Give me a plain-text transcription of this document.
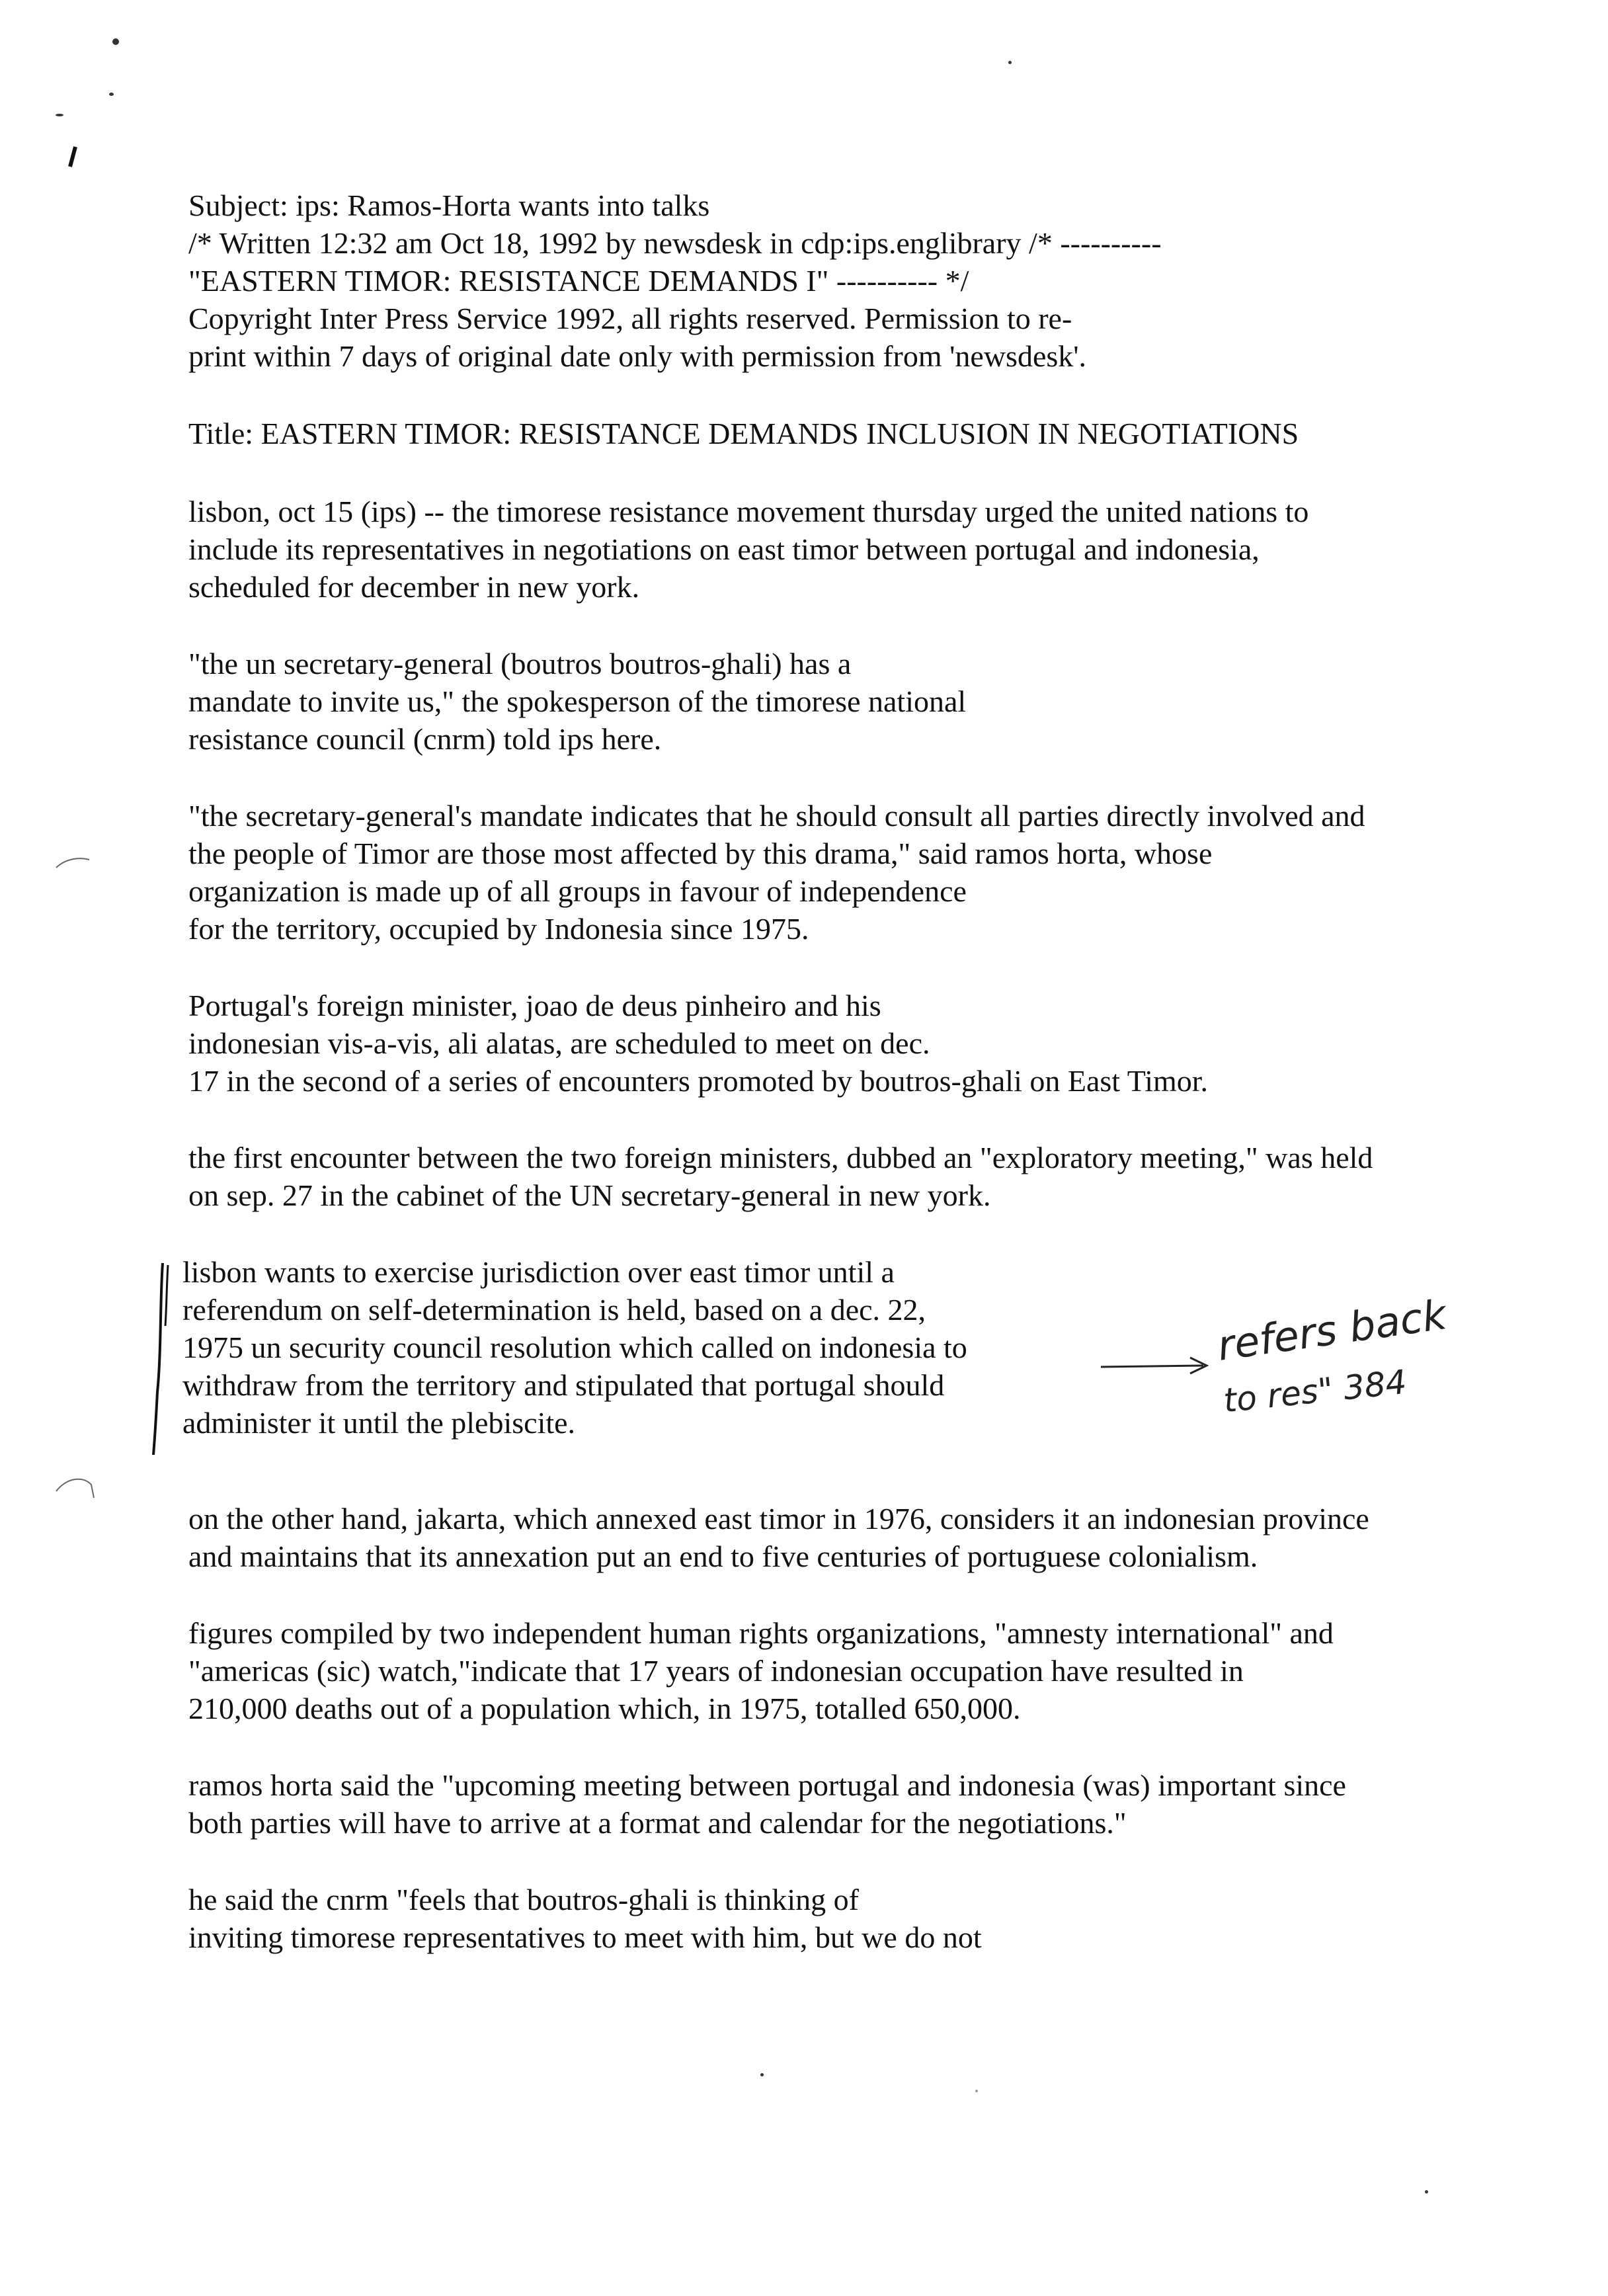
Subject: ips: Ramos-Horta wants into talks
/* Written 12:32 am Oct 18, 1992 by newsdesk in cdp:ips.englibrary /* ----------
"EASTERN TIMOR: RESISTANCE DEMANDS I" ---------- */
Copyright Inter Press Service 1992, all rights reserved. Permission to re-
print within 7 days of original date only with permission from 'newsdesk'.
Title: EASTERN TIMOR: RESISTANCE DEMANDS INCLUSION IN NEGOTIATIONS
lisbon, oct 15 (ips) -- the timorese resistance movement thursday urged the united nations to
include its representatives in negotiations on east timor between portugal and indonesia,
scheduled for december in new york.
"the un secretary-general (boutros boutros-ghali) has a
mandate to invite us," the spokesperson of the timorese national
resistance council (cnrm) told ips here.
"the secretary-general's mandate indicates that he should consult all parties directly involved and
the people of Timor are those most affected by this drama," said ramos horta, whose
organization is made up of all groups in favour of independence
for the territory, occupied by Indonesia since 1975.
Portugal's foreign minister, joao de deus pinheiro and his
indonesian vis-a-vis, ali alatas, are scheduled to meet on dec.
17 in the second of a series of encounters promoted by boutros-ghali on East Timor.
the first encounter between the two foreign ministers, dubbed an "exploratory meeting," was held
on sep. 27 in the cabinet of the UN secretary-general in new york.
lisbon wants to exercise jurisdiction over east timor until a
referendum on self-determination is held, based on a dec. 22,
1975 un security council resolution which called on indonesia to
withdraw from the territory and stipulated that portugal should
administer it until the plebiscite.
refers back
to res" 384
on the other hand, jakarta, which annexed east timor in 1976, considers it an indonesian province
and maintains that its annexation put an end to five centuries of portuguese colonialism.
figures compiled by two independent human rights organizations, "amnesty international" and
"americas (sic) watch,"indicate that 17 years of indonesian occupation have resulted in
210,000 deaths out of a population which, in 1975, totalled 650,000.
ramos horta said the "upcoming meeting between portugal and indonesia (was) important since
both parties will have to arrive at a format and calendar for the negotiations."
he said the cnrm "feels that boutros-ghali is thinking of
inviting timorese representatives to meet with him, but we do not
